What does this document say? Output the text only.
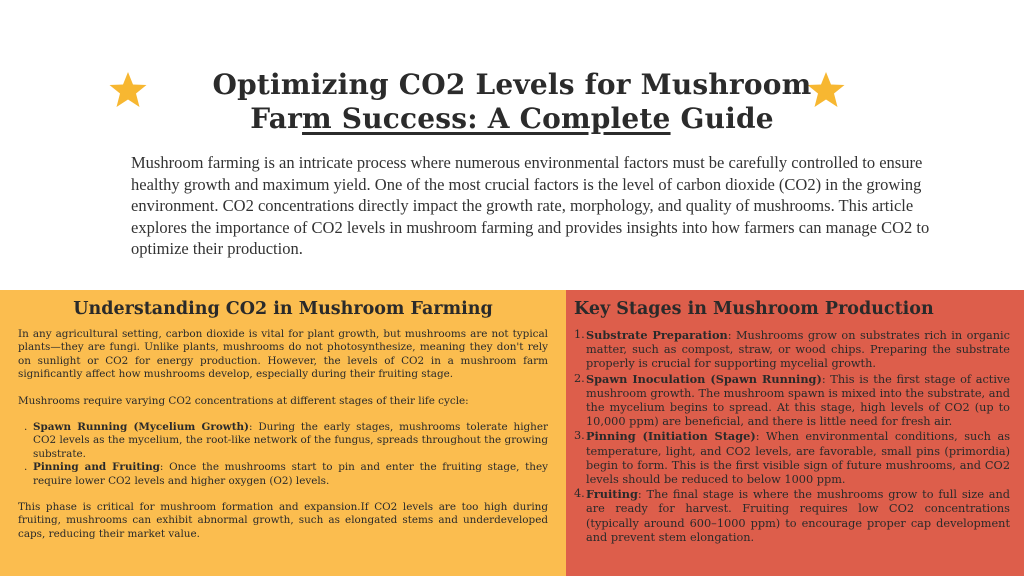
Optimizing CO2 Levels for Mushroom
Farm Success: A Complete Guide

Mushroom farming is an intricate process where numerous environmental factors must be carefully controlled to ensure healthy growth and maximum yield. One of the most crucial factors is the level of carbon dioxide (CO2) in the growing environment. CO2 concentrations directly impact the growth rate, morphology, and quality of mushrooms. This article explores the importance of CO2 levels in mushroom farming and provides insights into how farmers can manage CO2 to optimize their production.

Understanding CO2 in Mushroom Farming

In any agricultural setting, carbon dioxide is vital for plant growth, but mushrooms are not typical plants—they are fungi. Unlike plants, mushrooms do not photosynthesize, meaning they don't rely on sunlight or CO2 for energy production. However, the levels of CO2 in a mushroom farm significantly affect how mushrooms develop, especially during their fruiting stage.

Mushrooms require varying CO2 concentrations at different stages of their life cycle:

. Spawn Running (Mycelium Growth): During the early stages, mushrooms tolerate higher CO2 levels as the mycelium, the root-like network of the fungus, spreads throughout the growing substrate.
. Pinning and Fruiting: Once the mushrooms start to pin and enter the fruiting stage, they require lower CO2 levels and higher oxygen (O2) levels.

This phase is critical for mushroom formation and expansion.If CO2 levels are too high during fruiting, mushrooms can exhibit abnormal growth, such as elongated stems and underdeveloped caps, reducing their market value.

Key Stages in Mushroom Production
1. Substrate Preparation: Mushrooms grow on substrates rich in organic matter, such as compost, straw, or wood chips. Preparing the substrate properly is crucial for supporting mycelial growth.
2. Spawn Inoculation (Spawn Running): This is the first stage of active mushroom growth. The mushroom spawn is mixed into the substrate, and the mycelium begins to spread. At this stage, high levels of CO2 (up to 10,000 ppm) are beneficial, and there is little need for fresh air.
3. Pinning (Initiation Stage): When environmental conditions, such as temperature, light, and CO2 levels, are favorable, small pins (primordia) begin to form. This is the first visible sign of future mushrooms, and CO2 levels should be reduced to below 1000 ppm.
4. Fruiting: The final stage is where the mushrooms grow to full size and are ready for harvest. Fruiting requires low CO2 concentrations (typically around 600–1000 ppm) to encourage proper cap development and prevent stem elongation.
